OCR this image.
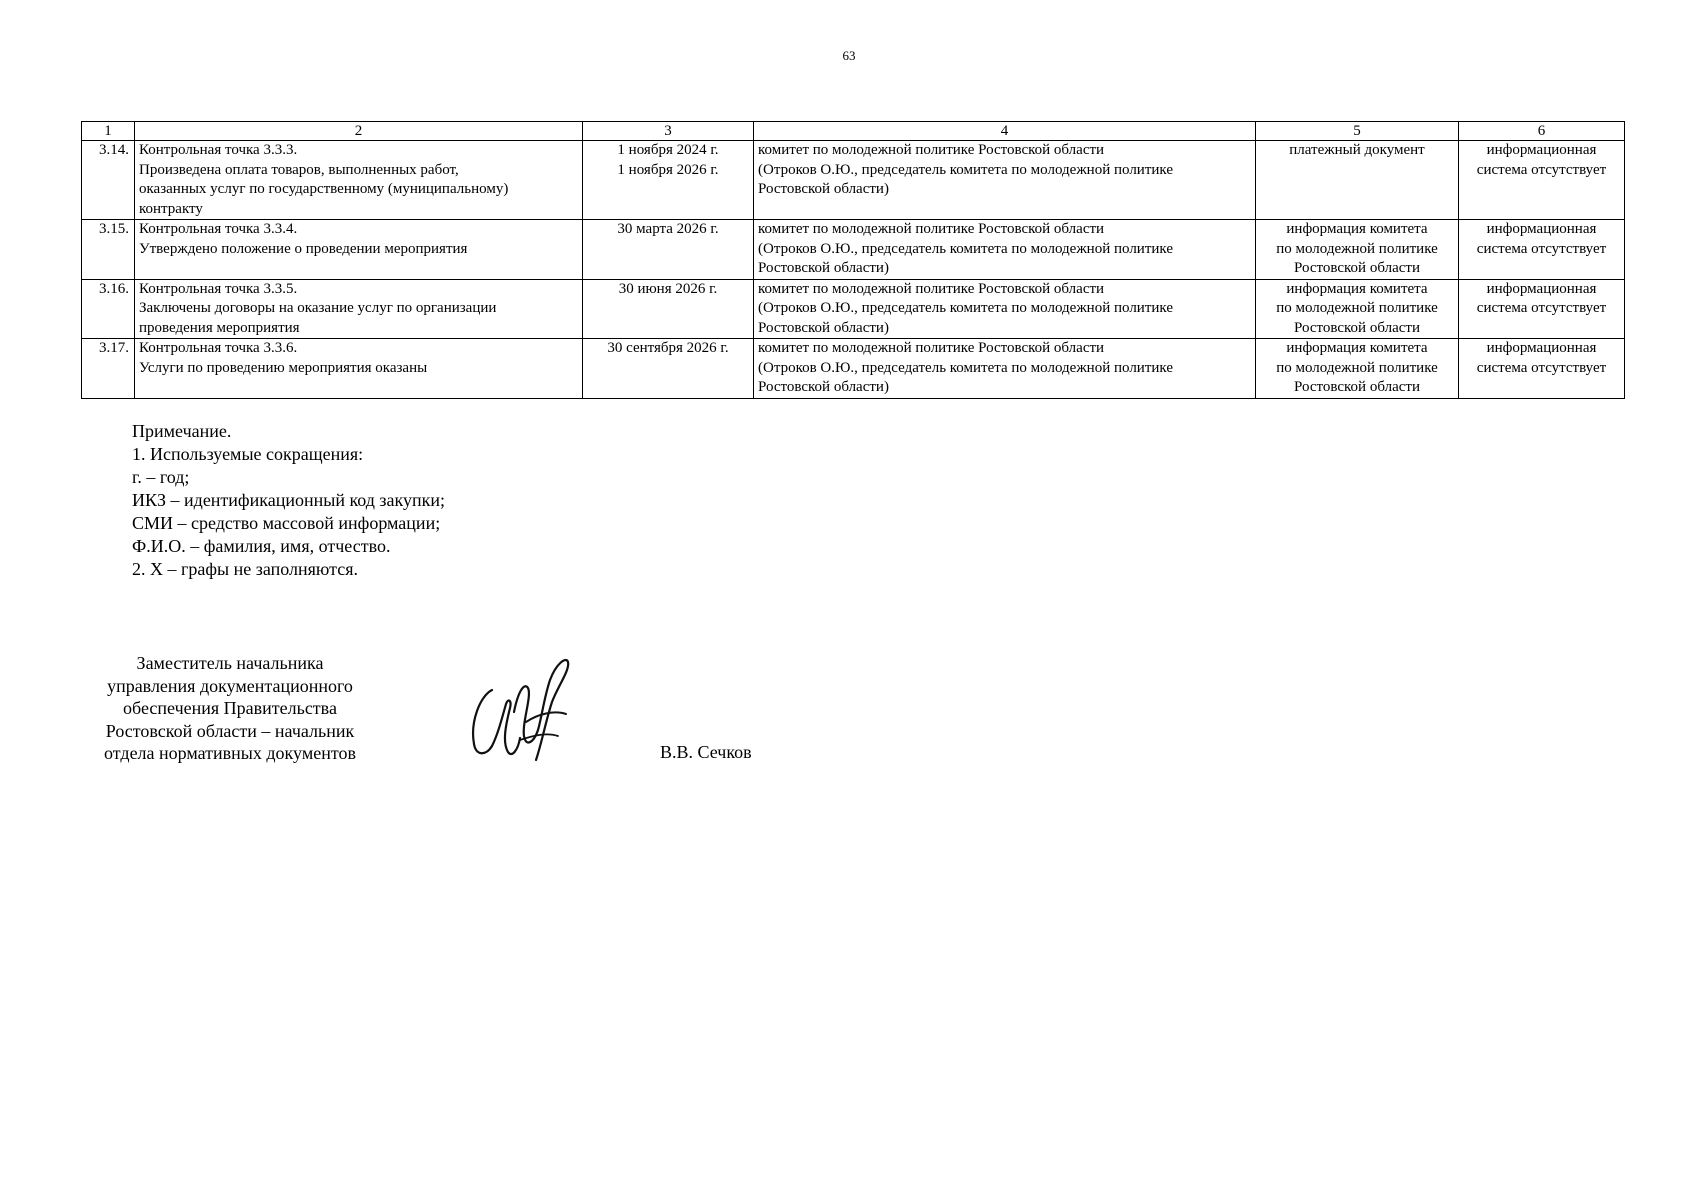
63
1	2	3	4	5	6
3.14.	Контрольная точка 3.3.3.
Произведена оплата товаров, выполненных работ,
оказанных услуг по государственному (муниципальному)
контракту	1 ноября 2024 г.
1 ноября 2026 г.	комитет по молодежной политике Ростовской области
(Отроков О.Ю., председатель комитета по молодежной политике
Ростовской области)	платежный документ	информационная
система отсутствует

3.15.	Контрольная точка 3.3.4.
Утверждено положение о проведении мероприятия	30 марта 2026 г.	комитет по молодежной политике Ростовской области
(Отроков О.Ю., председатель комитета по молодежной политике
Ростовской области)	информация комитета
по молодежной политике
Ростовской области	информационная
система отсутствует

3.16.	Контрольная точка 3.3.5.
Заключены договоры на оказание услуг по организации
проведения мероприятия	30 июня 2026 г.	комитет по молодежной политике Ростовской области
(Отроков О.Ю., председатель комитета по молодежной политике
Ростовской области)	информация комитета
по молодежной политике
Ростовской области	информационная
система отсутствует

3.17.	Контрольная точка 3.3.6.
Услуги по проведению мероприятия оказаны	30 сентября 2026 г.	комитет по молодежной политике Ростовской области
(Отроков О.Ю., председатель комитета по молодежной политике
Ростовской области)	информация комитета
по молодежной политике
Ростовской области	информационная
система отсутствует
Примечание.
1. Используемые сокращения:
г. – год;
ИКЗ – идентификационный код закупки;
СМИ – средство массовой информации;
Ф.И.О. – фамилия, имя, отчество.
2. X – графы не заполняются.
Заместитель начальника
управления документационного
обеспечения Правительства
Ростовской области – начальник
отдела нормативных документов	В.В. Сечков
